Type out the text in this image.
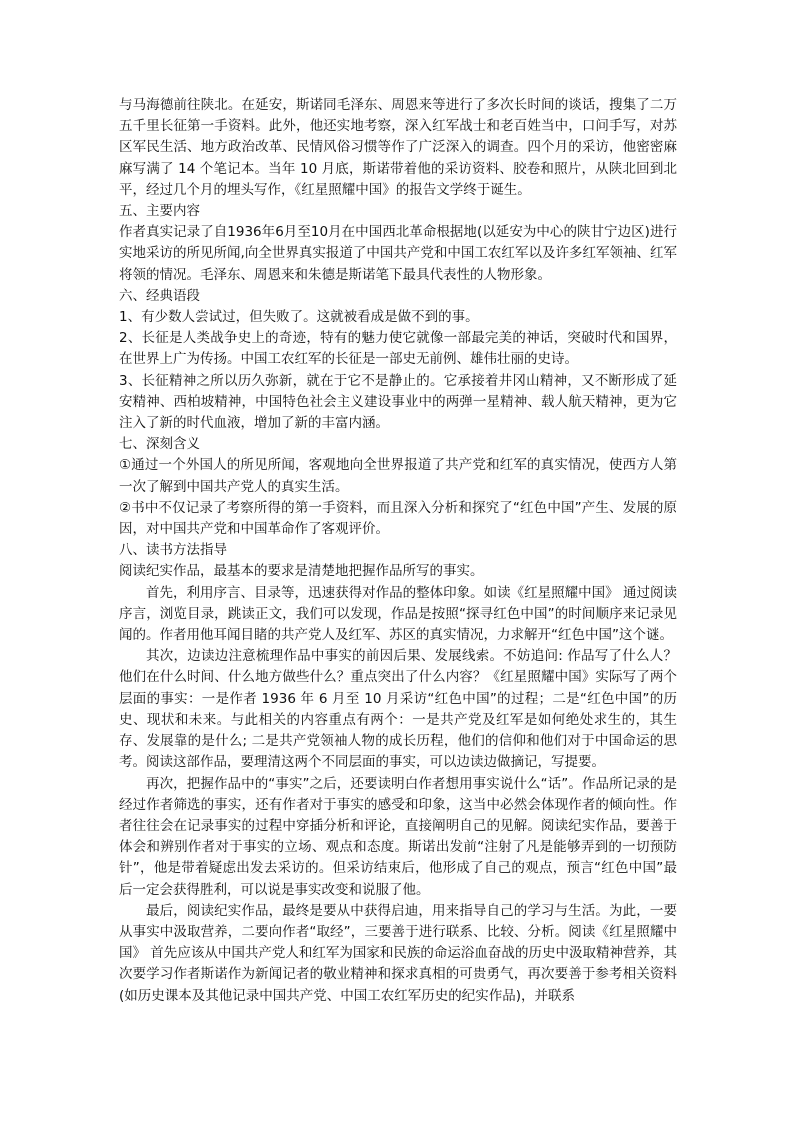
与马海德前往陕北。在延安，斯诺同毛泽东、周恩来等进行了多次长时间的谈话，搜集了二万五千里长征第一手资料。此外，他还实地考察，深入红军战士和老百姓当中，口问手写，对苏区军民生活、地方政治改革、民情风俗习惯等作了广泛深入的调查。四个月的采访，他密密麻麻写满了 14 个笔记本。当年 10 月底，斯诺带着他的采访资料、胶卷和照片，从陕北回到北平，经过几个月的埋头写作，《红星照耀中国》的报告文学终于诞生。

五、主要内容

作者真实记录了自1936年6月至10月在中国西北革命根据地(以延安为中心的陕甘宁边区)进行实地采访的所见所闻,向全世界真实报道了中国共产党和中国工农红军以及许多红军领袖、红军将领的情况。毛泽东、周恩来和朱德是斯诺笔下最具代表性的人物形象。

六、经典语段

1、有少数人尝试过，但失败了。这就被看成是做不到的事。

2、长征是人类战争史上的奇迹，特有的魅力使它就像一部最完美的神话，突破时代和国界，在世界上广为传扬。中国工农红军的长征是一部史无前例、雄伟壮丽的史诗。

3、长征精神之所以历久弥新，就在于它不是静止的。它承接着井冈山精神，又不断形成了延安精神、西柏坡精神，中国特色社会主义建设事业中的两弹一星精神、载人航天精神，更为它注入了新的时代血液，增加了新的丰富内涵。

七、深刻含义

①通过一个外国人的所见所闻，客观地向全世界报道了共产党和红军的真实情况，使西方人第一次了解到中国共产党人的真实生活。

②书中不仅记录了考察所得的第一手资料，而且深入分析和探究了“红色中国”产生、发展的原因，对中国共产党和中国革命作了客观评价。

八、读书方法指导

阅读纪实作品，最基本的要求是清楚地把握作品所写的事实。

首先，利用序言、目录等，迅速获得对作品的整体印象。如读《红星照耀中国》 通过阅读序言，浏览目录，跳读正文，我们可以发现，作品是按照“探寻红色中国”的时间顺序来记录见闻的。作者用他耳闻目睹的共产党人及红军、苏区的真实情况，力求解开“红色中国”这个谜。

其次，边读边注意梳理作品中事实的前因后果、发展线索。不妨追问: 作品写了什么人？他们在什么时间、什么地方做些什么？重点突出了什么内容？《红星照耀中国》实际写了两个层面的事实：一是作者 1936 年 6 月至 10 月采访“红色中国”的过程；二是“红色中国”的历史、现状和未来。与此相关的内容重点有两个：一是共产党及红军是如何绝处求生的，其生存、发展靠的是什么; 二是共产党领袖人物的成长历程，他们的信仰和他们对于中国命运的思考。阅读这部作品，要理清这两个不同层面的事实，可以边读边做摘记，写提要。

再次，把握作品中的“事实”之后，还要读明白作者想用事实说什么“话”。作品所记录的是经过作者筛选的事实，还有作者对于事实的感受和印象，这当中必然会体现作者的倾向性。作者往往会在记录事实的过程中穿插分析和评论，直接阐明自己的见解。阅读纪实作品，要善于体会和辨别作者对于事实的立场、观点和态度。斯诺出发前“注射了凡是能够弄到的一切预防针”，他是带着疑虑出发去采访的。但采访结束后，他形成了自己的观点，预言“红色中国”最后一定会获得胜利，可以说是事实改变和说服了他。

最后，阅读纪实作品，最终是要从中获得启迪，用来指导自己的学习与生活。为此，一要从事实中汲取营养，二要向作者“取经”，三要善于进行联系、比较、分析。阅读《红星照耀中国》 首先应该从中国共产党人和红军为国家和民族的命运浴血奋战的历史中汲取精神营养，其次要学习作者斯诺作为新闻记者的敬业精神和探求真相的可贵勇气，再次要善于参考相关资料 (如历史课本及其他记录中国共产党、中国工农红军历史的纪实作品)，并联系
